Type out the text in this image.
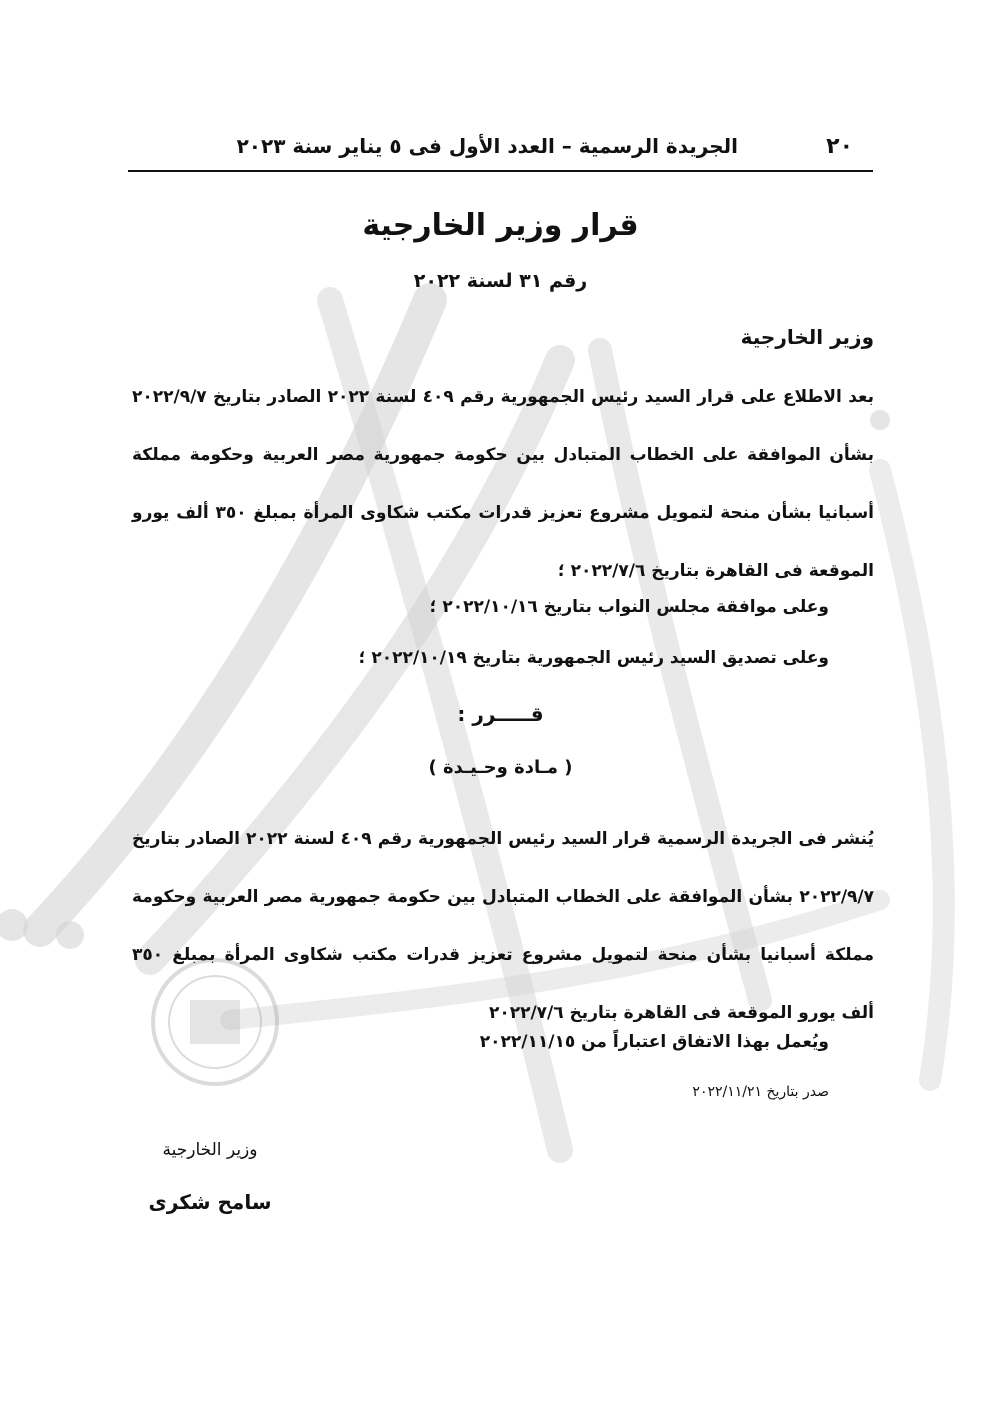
٢٠
الجريدة الرسمية – العدد الأول فى ٥ يناير سنة ٢٠٢٣
قرار وزير الخارجية
رقم ٣١ لسنة ٢٠٢٢
وزير الخارجية
بعد الاطلاع على قرار السيد رئيس الجمهورية رقم ٤٠٩ لسنة ٢٠٢٢ الصادر بتاريخ ٢٠٢٢/٩/٧ بشأن الموافقة على الخطاب المتبادل بين حكومة جمهورية مصر العربية وحكومة مملكة أسبانيا بشأن منحة لتمويل مشروع تعزيز قدرات مكتب شكاوى المرأة بمبلغ ٣٥٠ ألف يورو الموقعة فى القاهرة بتاريخ ٢٠٢٢/٧/٦ ؛
وعلى موافقة مجلس النواب بتاريخ ٢٠٢٢/١٠/١٦ ؛
وعلى تصديق السيد رئيس الجمهورية بتاريخ ٢٠٢٢/١٠/١٩ ؛
قـــــرر :
( مـادة وحـيـدة )
يُنشر فى الجريدة الرسمية قرار السيد رئيس الجمهورية رقم ٤٠٩ لسنة ٢٠٢٢ الصادر بتاريخ ٢٠٢٢/٩/٧ بشأن الموافقة على الخطاب المتبادل بين حكومة جمهورية مصر العربية وحكومة مملكة أسبانيا بشأن منحة لتمويل مشروع تعزيز قدرات مكتب شكاوى المرأة بمبلغ ٣٥٠ ألف يورو الموقعة فى القاهرة بتاريخ ٢٠٢٢/٧/٦
ويُعمل بهذا الاتفاق اعتباراً من ٢٠٢٢/١١/١٥
صدر بتاريخ ٢٠٢٢/١١/٢١
وزير الخارجية
سامح شكرى
